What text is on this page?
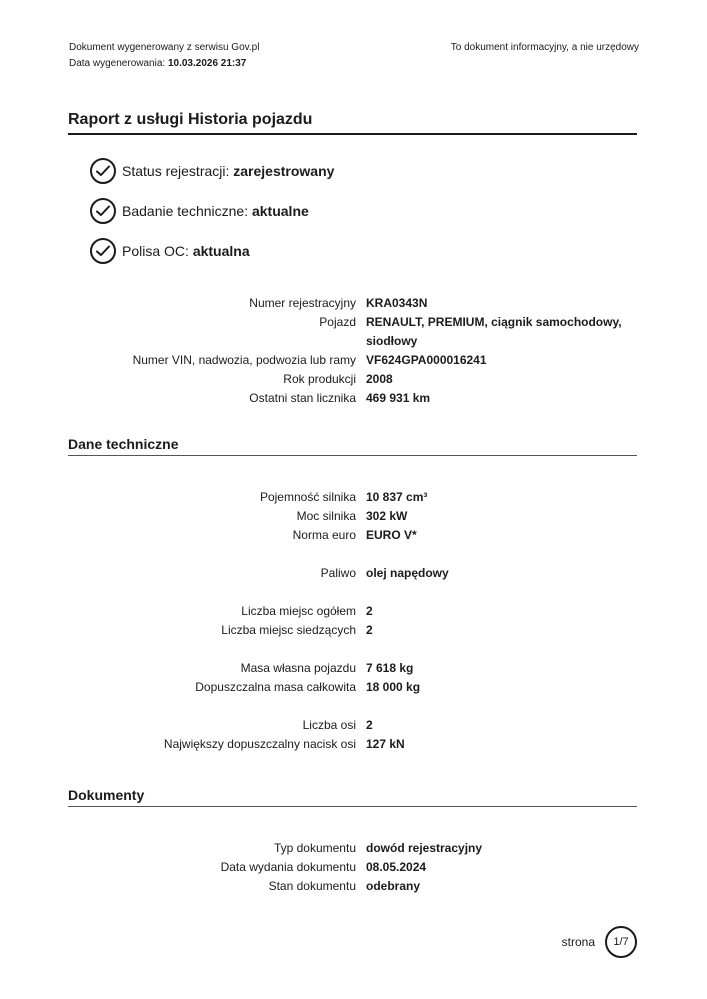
Dokument wygenerowany z serwisu Gov.pl
Data wygenerowania: 10.03.2026 21:37
To dokument informacyjny, a nie urzędowy
Raport z usługi Historia pojazdu
Status rejestracji: zarejestrowany
Badanie techniczne: aktualne
Polisa OC: aktualna
Numer rejestracyjny KRA0343N
Pojazd RENAULT, PREMIUM, ciągnik samochodowy,
siodłowy
Numer VIN, nadwozia, podwozia lub ramy VF624GPA000016241
Rok produkcji 2008
Ostatni stan licznika 469 931 km
Dane techniczne
Pojemność silnika 10 837 cm³
Moc silnika 302 kW
Norma euro EURO V*
Paliwo olej napędowy
Liczba miejsc ogółem 2
Liczba miejsc siedzących 2
Masa własna pojazdu 7 618 kg
Dopuszczalna masa całkowita 18 000 kg
Liczba osi 2
Największy dopuszczalny nacisk osi 127 kN
Dokumenty
Typ dokumentu dowód rejestracyjny
Data wydania dokumentu 08.05.2024
Stan dokumentu odebrany
strona	1/7
